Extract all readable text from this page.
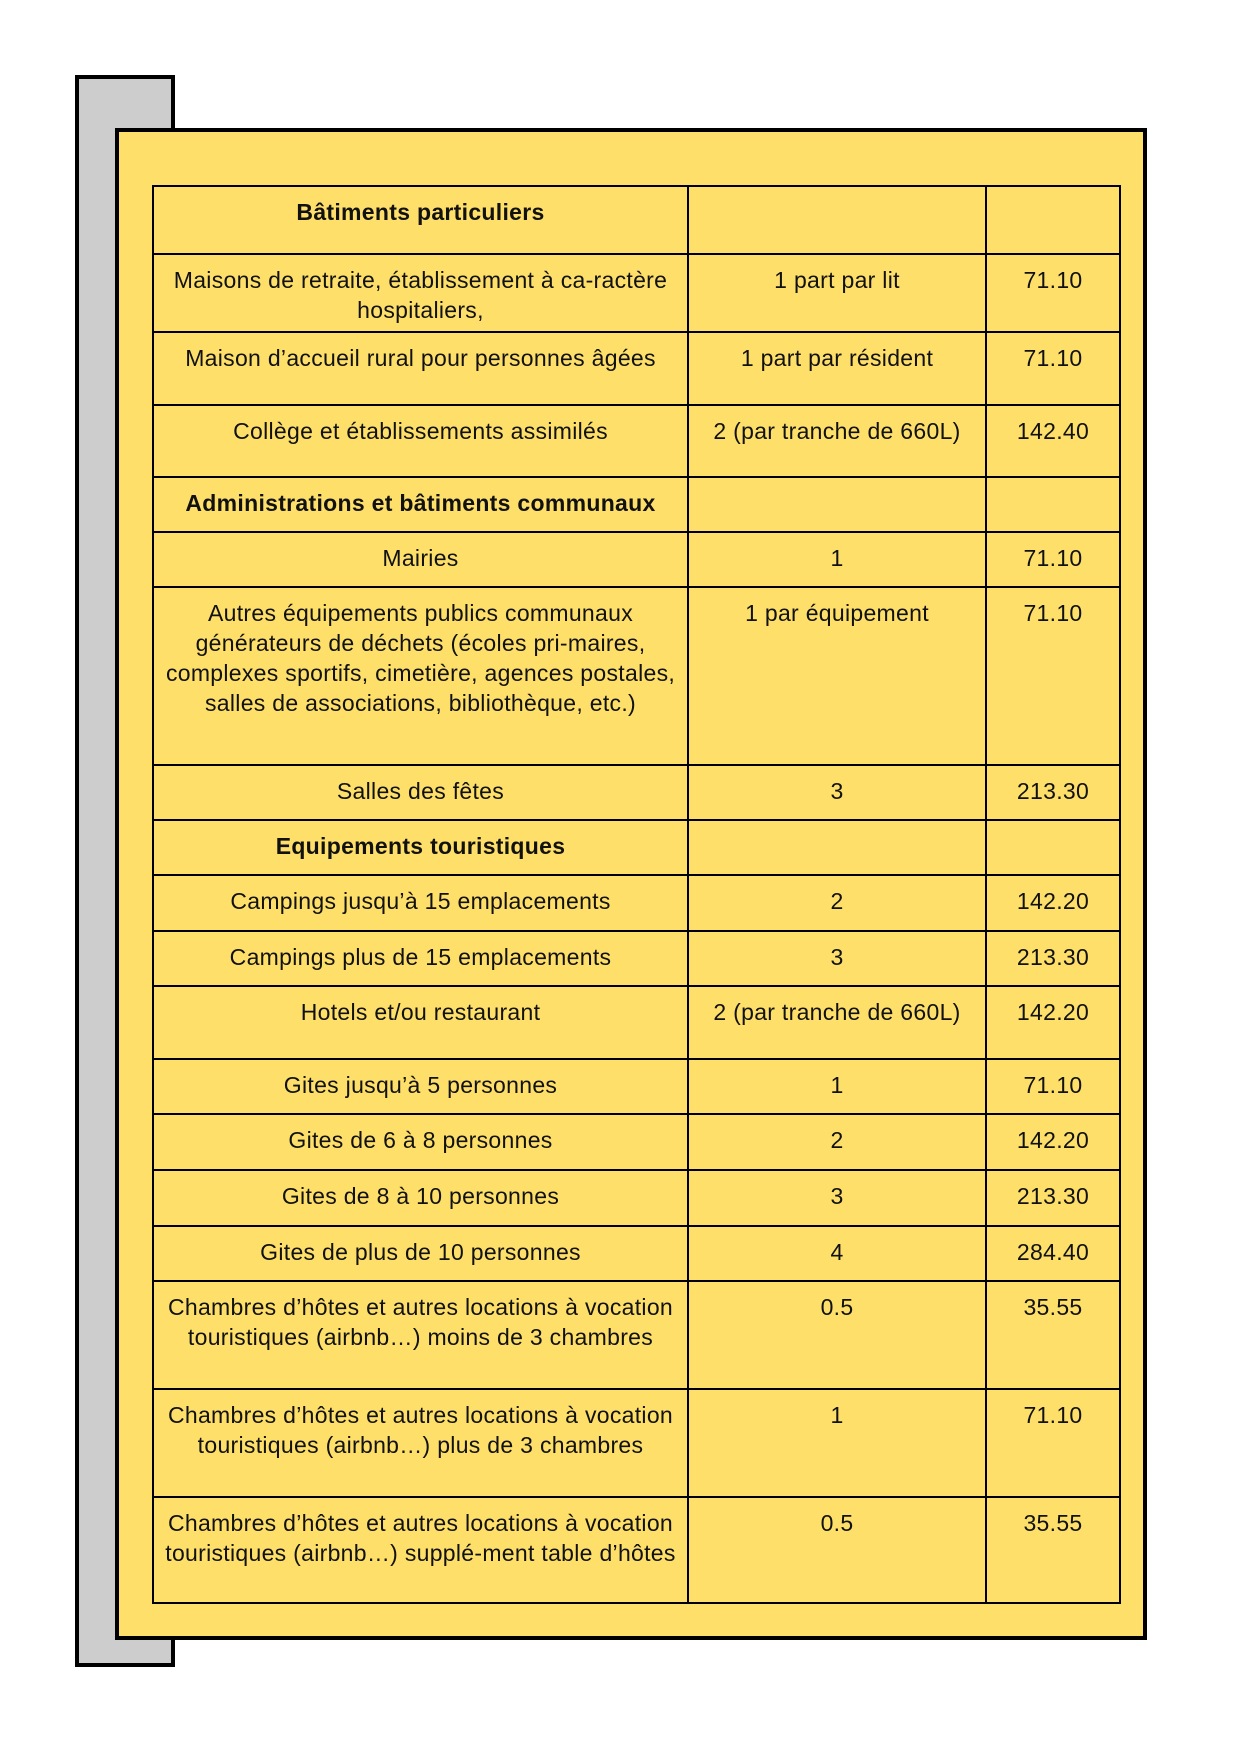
Bâtiments particuliers		
Maisons de retraite, établissement à ca-ractère hospitaliers,	1 part par lit	71.10
Maison d’accueil rural pour personnes âgées	1 part par résident	71.10
Collège et établissements assimilés	2 (par tranche de 660L)	142.40
Administrations et bâtiments communaux		
Mairies	1	71.10
Autres équipements publics communaux générateurs de déchets (écoles pri-maires, complexes sportifs, cimetière, agences postales, salles de associations, bibliothèque, etc.)	1 par équipement	71.10
Salles des fêtes	3	213.30
Equipements touristiques		
Campings jusqu’à 15 emplacements	2	142.20
Campings plus de 15 emplacements	3	213.30
Hotels et/ou restaurant	2 (par tranche de 660L)	142.20
Gites jusqu’à 5 personnes	1	71.10
Gites de 6 à 8 personnes	2	142.20
Gites de 8 à 10 personnes	3	213.30
Gites de plus de 10 personnes	4	284.40
Chambres d’hôtes et autres locations à vocation touristiques (airbnb…) moins de 3 chambres	0.5	35.55
Chambres d’hôtes et autres locations à vocation touristiques (airbnb…) plus de 3 chambres	1	71.10
Chambres d’hôtes et autres locations à vocation touristiques (airbnb…) supplé-ment table d’hôtes	0.5	35.55
